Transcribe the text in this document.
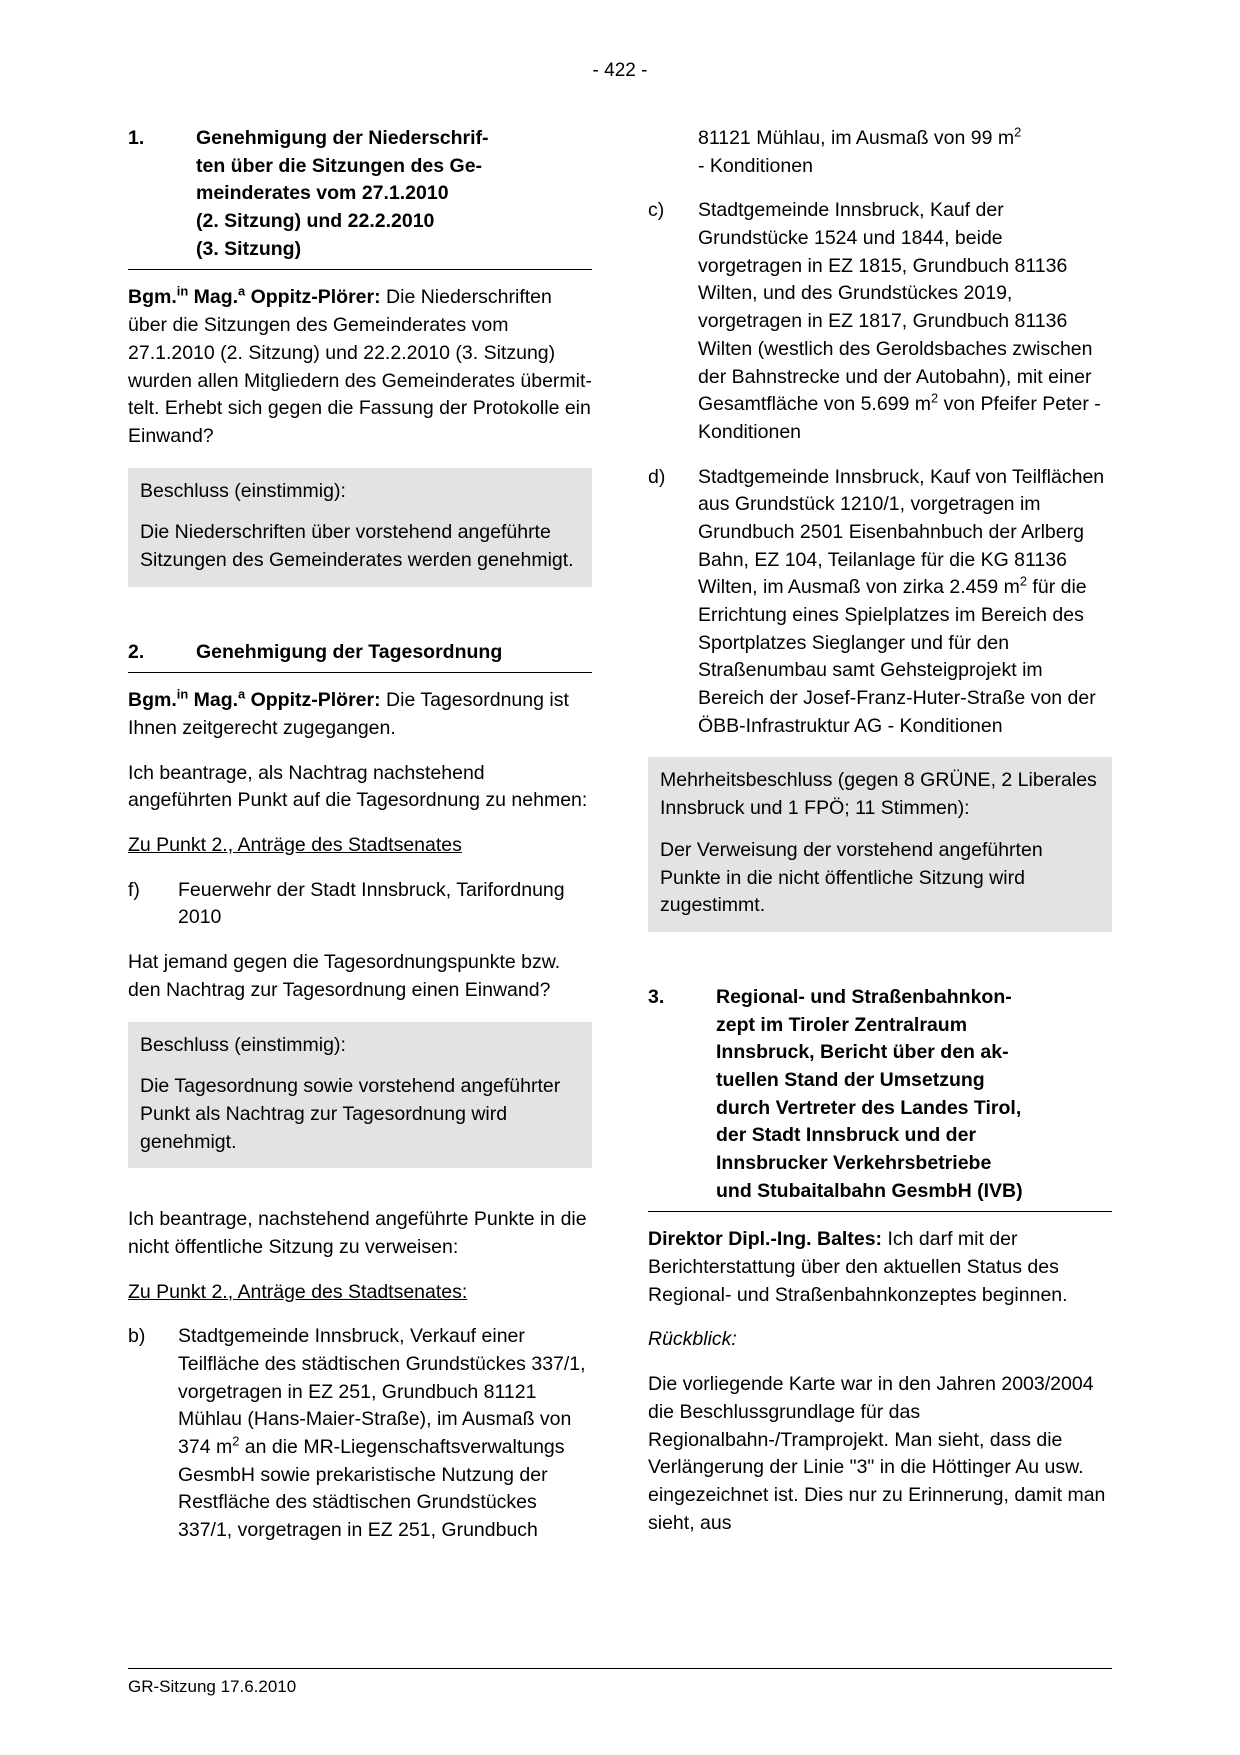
- 422 -
1.	Genehmigung der Niederschrif-
ten über die Sitzungen des Ge-
meinderates vom 27.1.2010
(2. Sitzung) und 22.2.2010
(3. Sitzung)

Bgm.$^{in}$ Mag.$^a$ Oppitz-Plörer: Die Niederschriften über die Sitzungen des Gemeinderates vom 27.1.2010 (2. Sitzung) und 22.2.2010 (3. Sitzung) wurden allen Mitgliedern des Gemeinderates übermittelt. Erhebt sich gegen die Fassung der Protokolle ein Einwand?

Beschluss (einstimmig):

Die Niederschriften über vorstehend angeführte Sitzungen des Gemeinderates werden genehmigt.

2.	Genehmigung der Tagesordnung

Bgm.$^{in}$ Mag.$^a$ Oppitz-Plörer: Die Tagesordnung ist Ihnen zeitgerecht zugegangen.

Ich beantrage, als Nachtrag nachstehend angeführten Punkt auf die Tagesordnung zu nehmen:

Zu Punkt 2., Anträge des Stadtsenates

f)	Feuerwehr der Stadt Innsbruck, Tarifordnung 2010

Hat jemand gegen die Tagesordnungspunkte bzw. den Nachtrag zur Tagesordnung einen Einwand?

Beschluss (einstimmig):

Die Tagesordnung sowie vorstehend angeführter Punkt als Nachtrag zur Tagesordnung wird genehmigt.

Ich beantrage, nachstehend angeführte Punkte in die nicht öffentliche Sitzung zu verweisen:

Zu Punkt 2., Anträge des Stadtsenates:

b)	Stadtgemeinde Innsbruck, Verkauf einer Teilfläche des städtischen Grundstückes 337/1, vorgetragen in EZ 251, Grundbuch 81121 Mühlau (Hans-Maier-Straße), im Ausmaß von 374 $m^2$ an die MR-Liegenschaftsverwaltungs GesmbH sowie prekaristische Nutzung der Restfläche des städtischen Grundstückes 337/1, vorgetragen in EZ 251, Grundbuch
81121 Mühlau, im Ausmaß von 99 $m^2$
- Konditionen
c)	Stadtgemeinde Innsbruck, Kauf der Grundstücke 1524 und 1844, beide vorgetragen in EZ 1815, Grundbuch 81136 Wilten, und des Grundstückes 2019, vorgetragen in EZ 1817, Grundbuch 81136 Wilten (westlich des Geroldsbaches zwischen der Bahnstrecke und der Autobahn), mit einer Gesamtfläche von 5.699 $m^2$ von Pfeifer Peter - Konditionen
d)	Stadtgemeinde Innsbruck, Kauf von Teilflächen aus Grundstück 1210/1, vorgetragen im Grundbuch 2501 Eisenbahnbuch der Arlberg Bahn, EZ 104, Teilanlage für die KG 81136 Wilten, im Ausmaß von zirka 2.459 $m^2$ für die Errichtung eines Spielplatzes im Bereich des Sportplatzes Sieglanger und für den Straßenumbau samt Gehsteigprojekt im Bereich der Josef-Franz-Huter-Straße von der ÖBB-Infrastruktur AG - Konditionen

Mehrheitsbeschluss (gegen 8 GRÜNE, 2 Liberales Innsbruck und 1 FPÖ; 11 Stimmen):

Der Verweisung der vorstehend angeführten Punkte in die nicht öffentliche Sitzung wird zugestimmt.

3.	Regional- und Straßenbahnkon-
zept im Tiroler Zentralraum
Innsbruck, Bericht über den ak-
tuellen Stand der Umsetzung
durch Vertreter des Landes Tirol,
der Stadt Innsbruck und der
Innsbrucker Verkehrsbetriebe
und Stubaitalbahn GesmbH (IVB)

Direktor Dipl.-Ing. Baltes: Ich darf mit der Berichterstattung über den aktuellen Status des Regional- und Straßenbahnkonzeptes beginnen.

Rückblick:

Die vorliegende Karte war in den Jahren 2003/2004 die Beschlussgrundlage für das Regionalbahn-/Tramprojekt. Man sieht, dass die Verlängerung der Linie "3" in die Höttinger Au usw. eingezeichnet ist. Dies nur zu Erinnerung, damit man sieht, aus

GR-Sitzung 17.6.2010
